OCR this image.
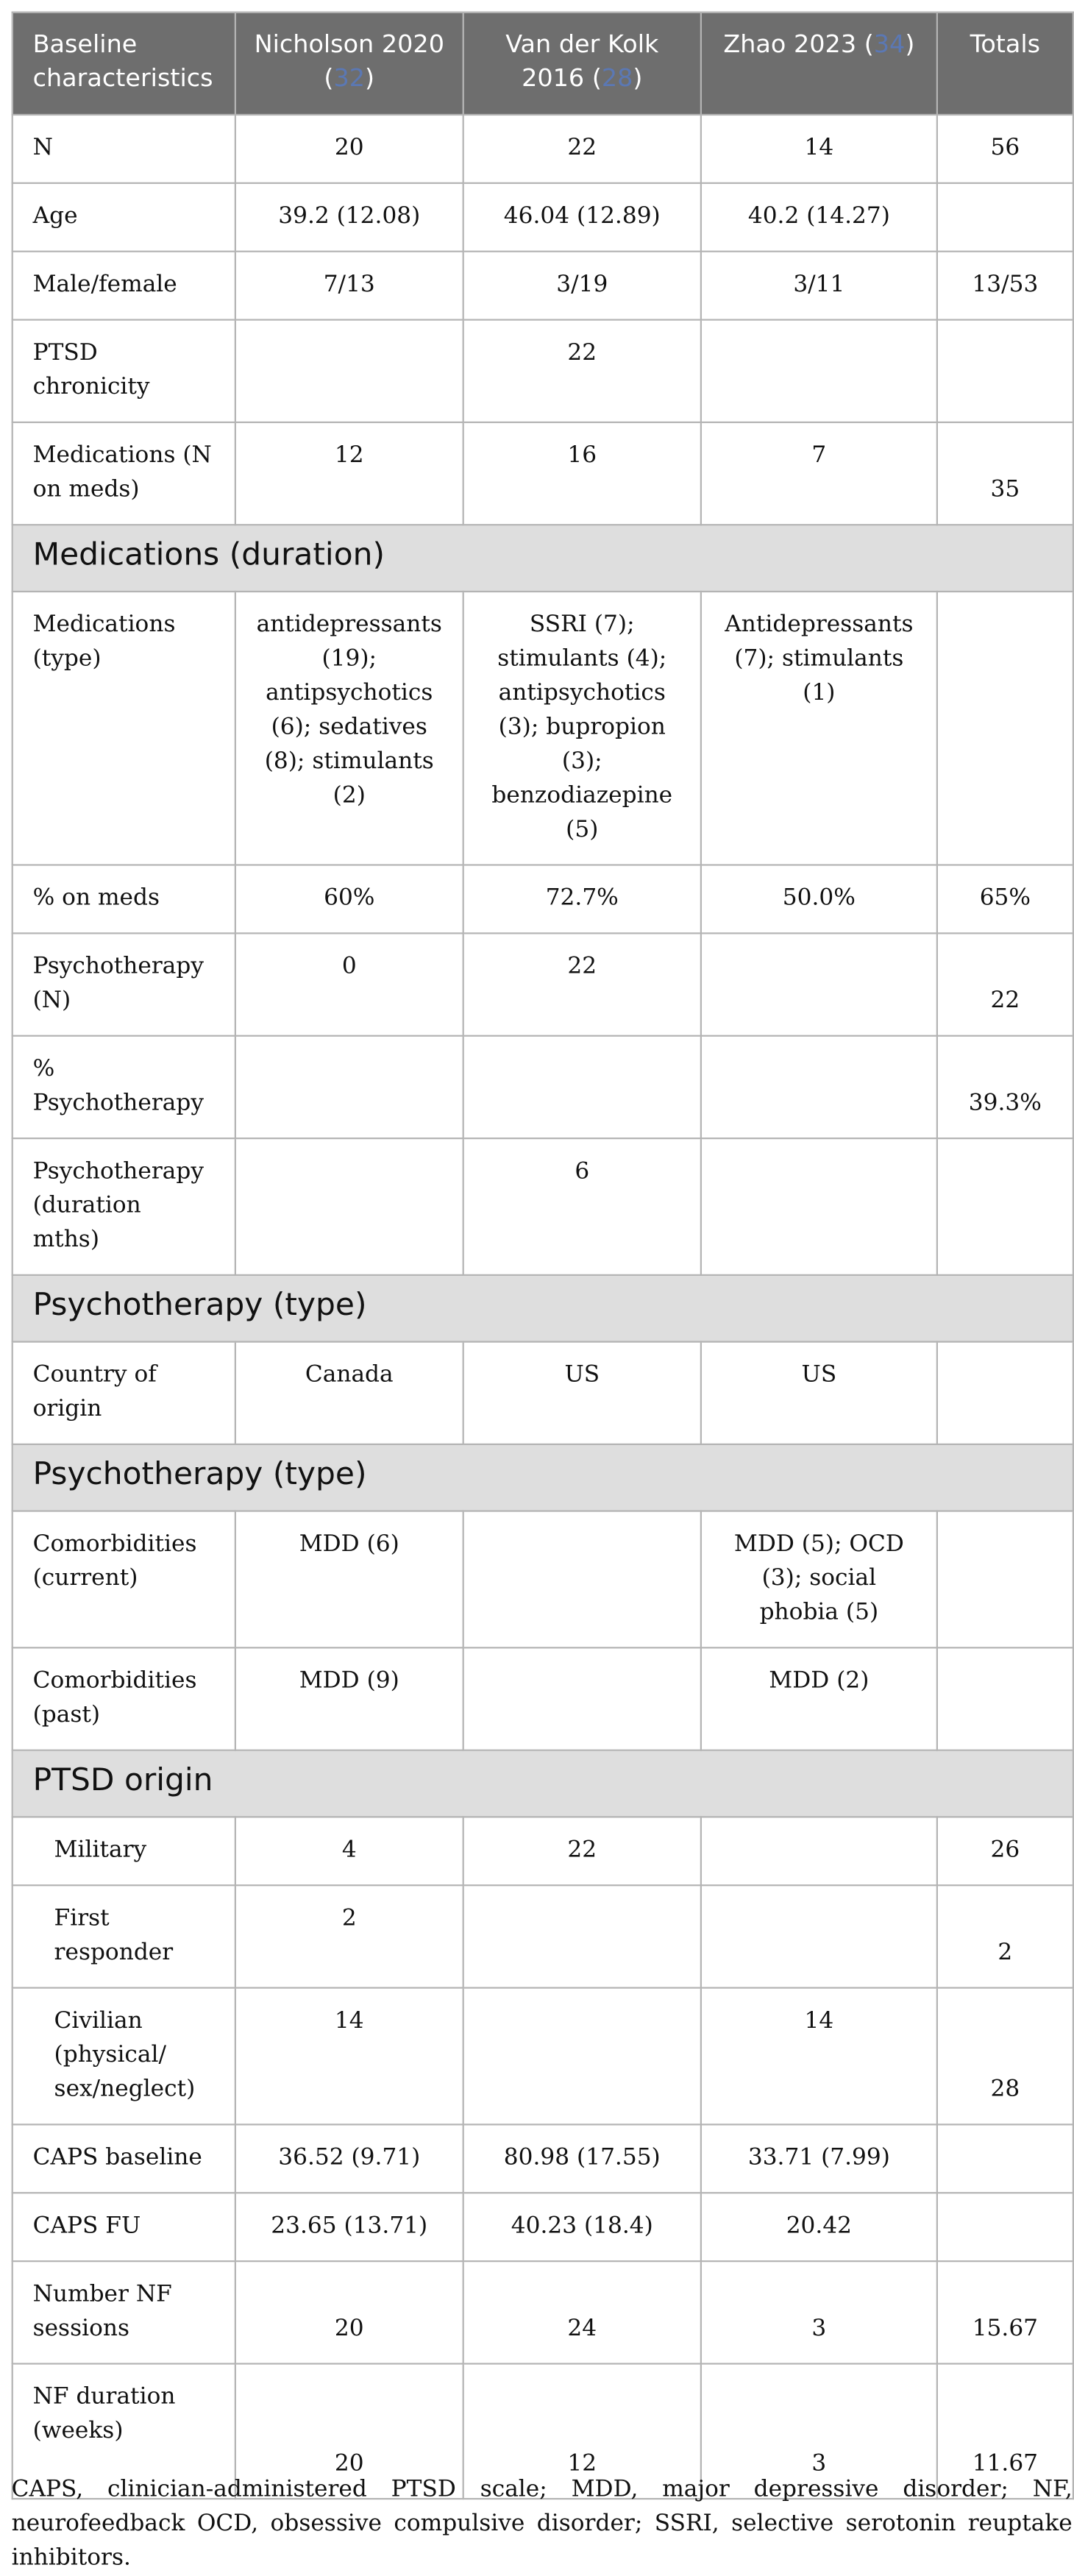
Baseline characteristics	Nicholson 2020 (32)	Van der Kolk 2016 (28)	Zhao 2023 (34)	Totals
N	20	22	14	56
Age	39.2 (12.08)	46.04 (12.89)	40.2 (14.27)	
Male/female	7/13	3/19	3/11	13/53
PTSD chronicity		22		
Medications (N on meds)	12	16	7	35
Medications (duration)				
Medications (type)	antidepressants (19); antipsychotics (6); sedatives (8); stimulants (2)	SSRI (7); stimulants (4); antipsychotics (3); bupropion (3); benzodiazepine (5)	Antidepressants (7); stimulants (1)	
% on meds	60%	72.7%	50.0%	65%
Psychotherapy (N)	0	22		22
% Psychotherapy				39.3%
Psychotherapy (duration mths)		6		
Psychotherapy (type)				
Country of origin	Canada	US	US	
Psychotherapy (type)				
Comorbidities (current)	MDD (6)		MDD (5); OCD (3); social phobia (5)	
Comorbidities (past)	MDD (9)		MDD (2)	
PTSD origin				
Military	4	22		26
First responder	2			2
Civilian (physical/ sex/neglect)	14		14	28
CAPS baseline	36.52 (9.71)	80.98 (17.55)	33.71 (7.99)	
CAPS FU	23.65 (13.71)	40.23 (18.4)	20.42	
Number NF sessions	20	24	3	15.67
NF duration (weeks)	20	12	3	11.67
CAPS, clinician-administered PTSD scale; MDD, major depressive disorder; NF, neurofeedback OCD, obsessive compulsive disorder; SSRI, selective serotonin reuptake inhibitors.
